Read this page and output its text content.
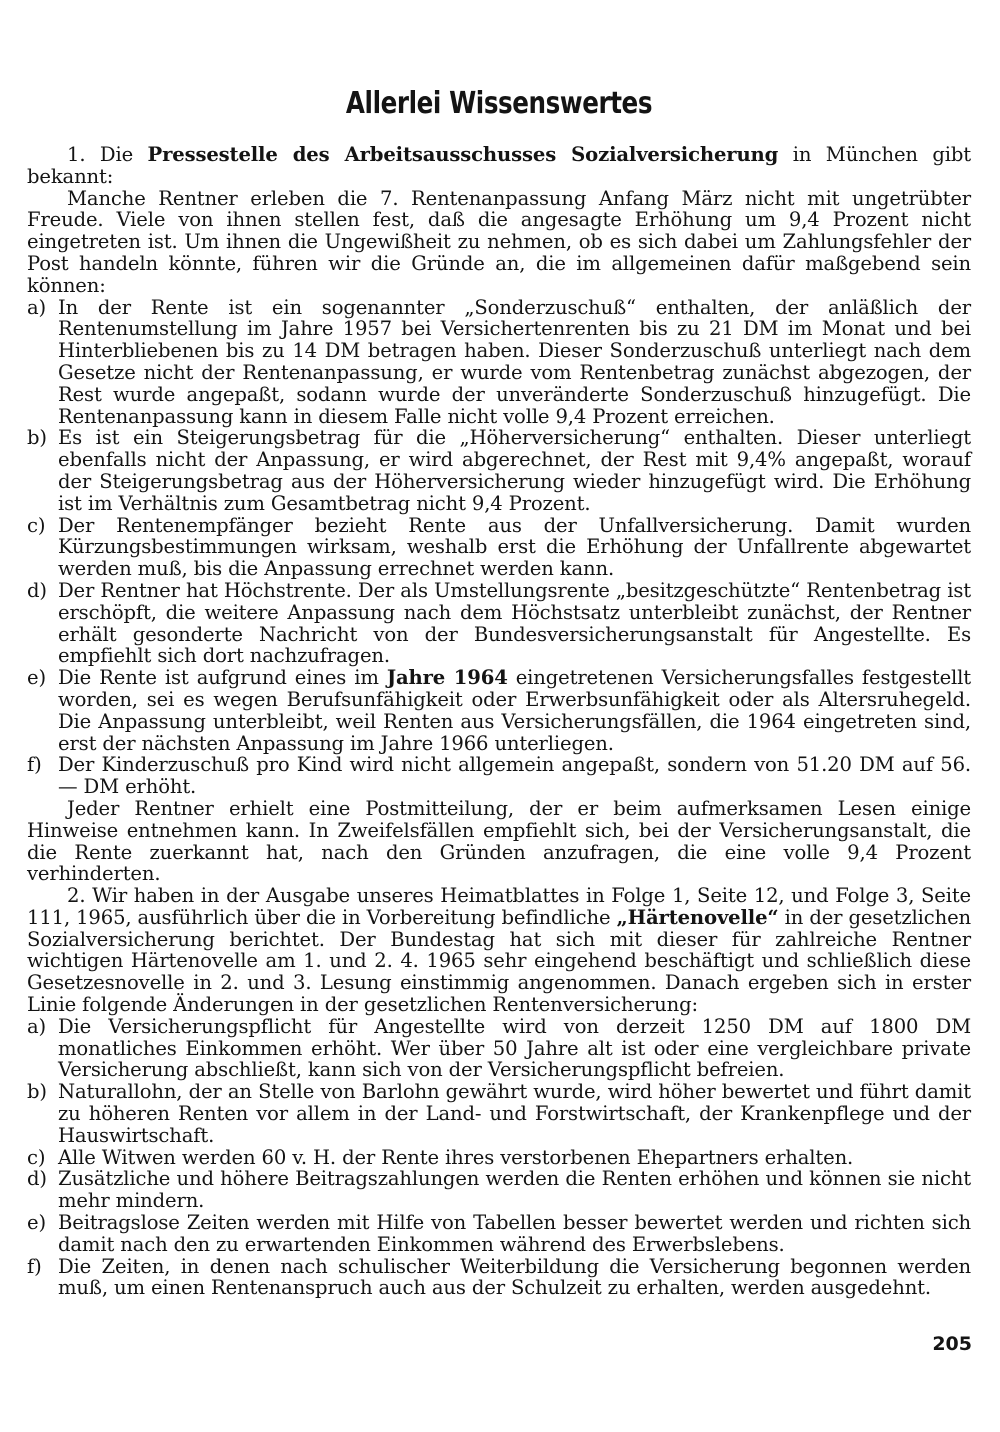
Allerlei Wissenswertes

1. Die Pressestelle des Arbeitsausschusses Sozialversicherung in München gibt bekannt:

Manche Rentner erleben die 7. Rentenanpassung Anfang März nicht mit ungetrübter Freude. Viele von ihnen stellen fest, daß die angesagte Erhöhung um 9,4 Prozent nicht eingetreten ist. Um ihnen die Ungewißheit zu nehmen, ob es sich dabei um Zahlungsfehler der Post handeln könnte, führen wir die Gründe an, die im allgemeinen dafür maßgebend sein können:

a) In der Rente ist ein sogenannter „Sonderzuschuß“ enthalten, der anläßlich der Rentenumstellung im Jahre 1957 bei Versichertenrenten bis zu 21 DM im Monat und bei Hinterbliebenen bis zu 14 DM betragen haben. Dieser Sonderzuschuß unterliegt nach dem Gesetze nicht der Rentenanpassung, er wurde vom Rentenbetrag zunächst abgezogen, der Rest wurde angepaßt, sodann wurde der unveränderte Sonderzuschuß hinzugefügt. Die Rentenanpassung kann in diesem Falle nicht volle 9,4 Prozent erreichen.
b) Es ist ein Steigerungsbetrag für die „Höherversicherung“ enthalten. Dieser unterliegt ebenfalls nicht der Anpassung, er wird abgerechnet, der Rest mit 9,4% angepaßt, worauf der Steigerungsbetrag aus der Höherversicherung wieder hinzugefügt wird. Die Erhöhung ist im Verhältnis zum Gesamtbetrag nicht 9,4 Prozent.
c) Der Rentenempfänger bezieht Rente aus der Unfallversicherung. Damit wurden Kürzungsbestimmungen wirksam, weshalb erst die Erhöhung der Unfallrente abgewartet werden muß, bis die Anpassung errechnet werden kann.
d) Der Rentner hat Höchstrente. Der als Umstellungsrente „besitzgeschützte“ Rentenbetrag ist erschöpft, die weitere Anpassung nach dem Höchstsatz unterbleibt zunächst, der Rentner erhält gesonderte Nachricht von der Bundesversicherungsanstalt für Angestellte. Es empfiehlt sich dort nachzufragen.
e) Die Rente ist aufgrund eines im Jahre 1964 eingetretenen Versicherungsfalles festgestellt worden, sei es wegen Berufsunfähigkeit oder Erwerbsunfähigkeit oder als Altersruhegeld. Die Anpassung unterbleibt, weil Renten aus Versicherungsfällen, die 1964 eingetreten sind, erst der nächsten Anpassung im Jahre 1966 unterliegen.
f) Der Kinderzuschuß pro Kind wird nicht allgemein angepaßt, sondern von 51.20 DM auf 56.— DM erhöht.

Jeder Rentner erhielt eine Postmitteilung, der er beim aufmerksamen Lesen einige Hinweise entnehmen kann. In Zweifelsfällen empfiehlt sich, bei der Versicherungsanstalt, die die Rente zuerkannt hat, nach den Gründen anzufragen, die eine volle 9,4 Prozent verhinderten.

2. Wir haben in der Ausgabe unseres Heimatblattes in Folge 1, Seite 12, und Folge 3, Seite 111, 1965, ausführlich über die in Vorbereitung befindliche „Härtenovelle“ in der gesetzlichen Sozialversicherung berichtet. Der Bundestag hat sich mit dieser für zahlreiche Rentner wichtigen Härtenovelle am 1. und 2. 4. 1965 sehr eingehend beschäftigt und schließlich diese Gesetzesnovelle in 2. und 3. Lesung einstimmig angenommen. Danach ergeben sich in erster Linie folgende Änderungen in der gesetzlichen Rentenversicherung:

a) Die Versicherungspflicht für Angestellte wird von derzeit 1250 DM auf 1800 DM monatliches Einkommen erhöht. Wer über 50 Jahre alt ist oder eine vergleichbare private Versicherung abschließt, kann sich von der Versicherungspflicht befreien.
b) Naturallohn, der an Stelle von Barlohn gewährt wurde, wird höher bewertet und führt damit zu höheren Renten vor allem in der Land- und Forstwirtschaft, der Krankenpflege und der Hauswirtschaft.
c) Alle Witwen werden 60 v. H. der Rente ihres verstorbenen Ehepartners erhalten.
d) Zusätzliche und höhere Beitragszahlungen werden die Renten erhöhen und können sie nicht mehr mindern.
e) Beitragslose Zeiten werden mit Hilfe von Tabellen besser bewertet werden und richten sich damit nach den zu erwartenden Einkommen während des Erwerbslebens.
f) Die Zeiten, in denen nach schulischer Weiterbildung die Versicherung begonnen werden muß, um einen Rentenanspruch auch aus der Schulzeit zu erhalten, werden ausgedehnt.
205
